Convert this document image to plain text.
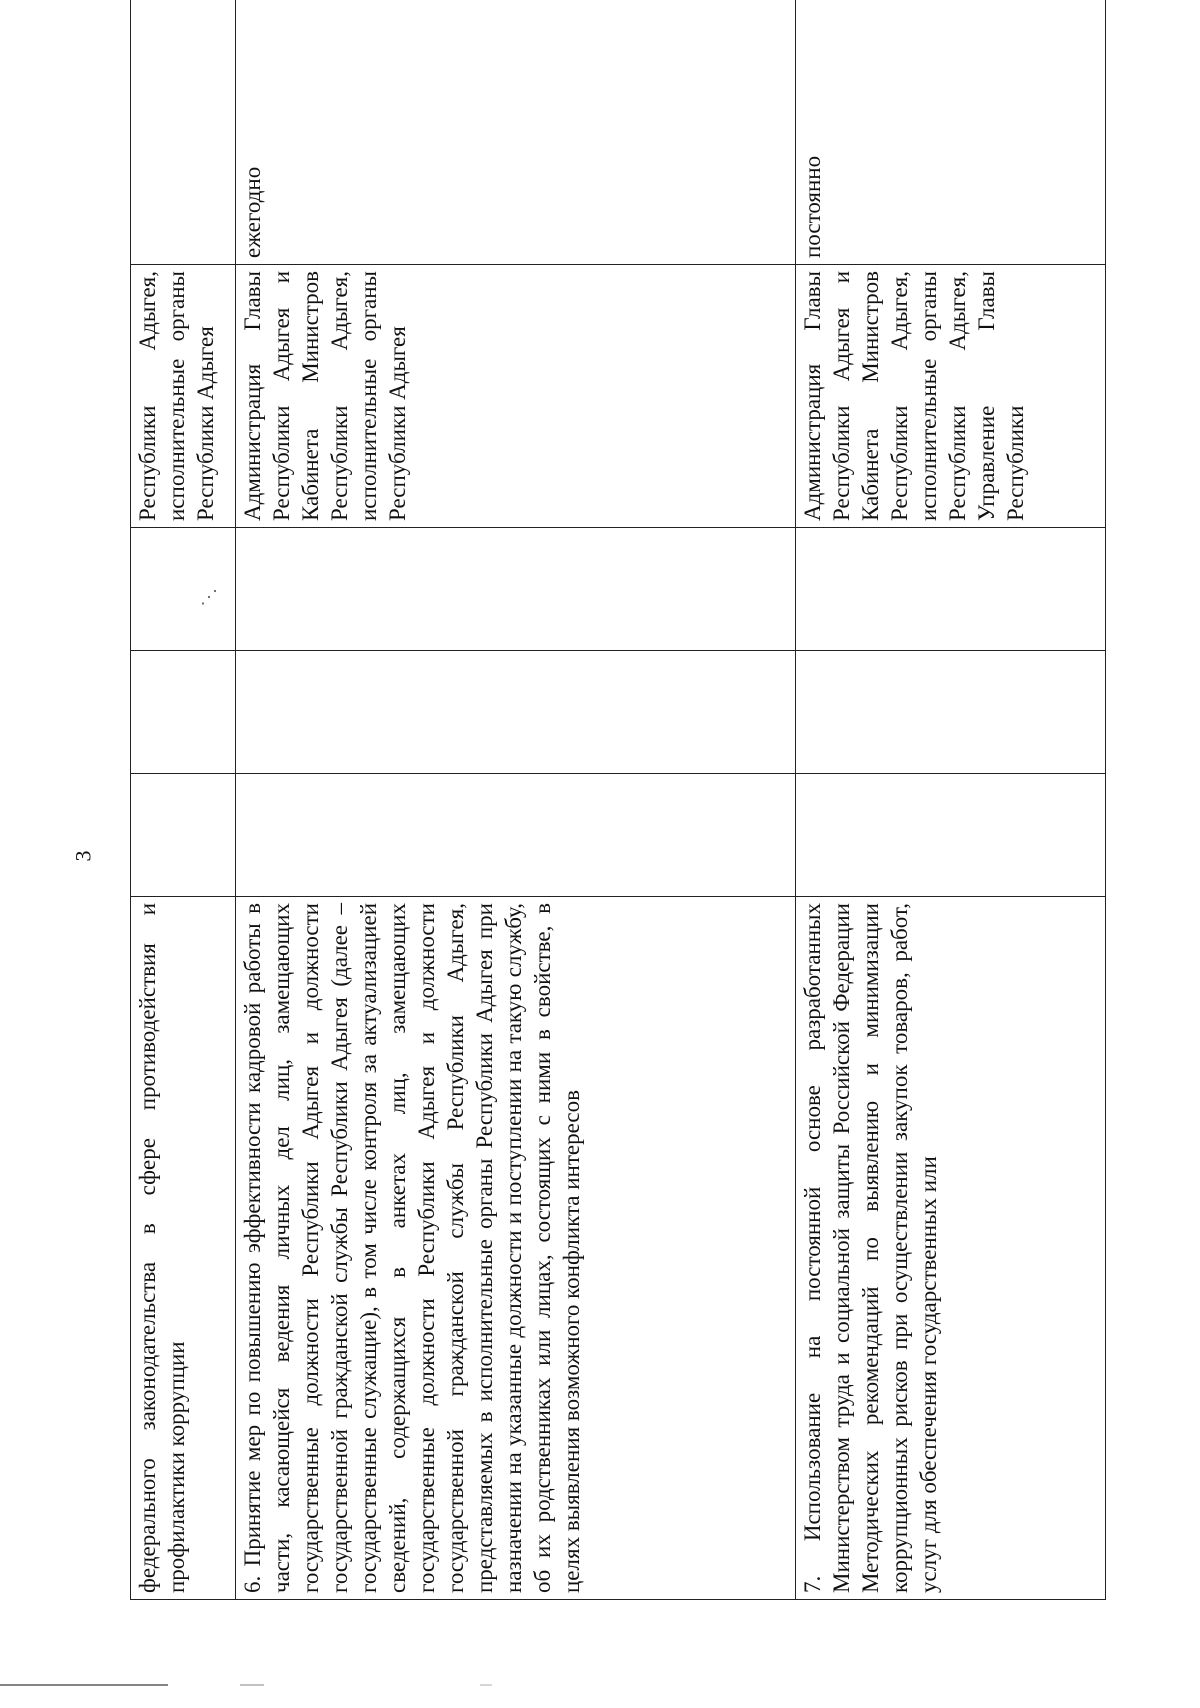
3
⋰

федерального законодательства в сфере противодействия и профилактики коррупции				Республики Адыгея, исполнительные органы Республики Адыгея	

6. Принятие мер по повышению эффективности кадровой работы в части, касающейся ведения личных дел лиц, замещающих государственные должности Республики Адыгея и должности государственной гражданской службы Республики Адыгея (далее – государственные служащие), в том числе контроля за актуализацией сведений, содержащихся в анкетах лиц, замещающих государственные должности Республики Адыгея и должности государственной гражданской службы Республики Адыгея, представляемых в исполнительные органы Республики Адыгея при назначении на указанные должности и поступлении на такую службу, об их родственниках или лицах, состоящих с ними в свойстве, в целях выявления возможного конфликта интересов				Администрация Главы Республики Адыгея и Кабинета Министров Республики Адыгея, исполнительные органы Республики Адыгея	ежегодно

7. Использование на постоянной основе разработанных Министерством труда и социальной защиты Российской Федерации Методических рекомендаций по выявлению и минимизации коррупционных рисков при осуществлении закупок товаров, работ, услуг для обеспечения государственных или				Администрация Главы Республики Адыгея и Кабинета Министров Республики Адыгея, исполнительные органы Республики Адыгея, Управление Главы Республики	постоянно
